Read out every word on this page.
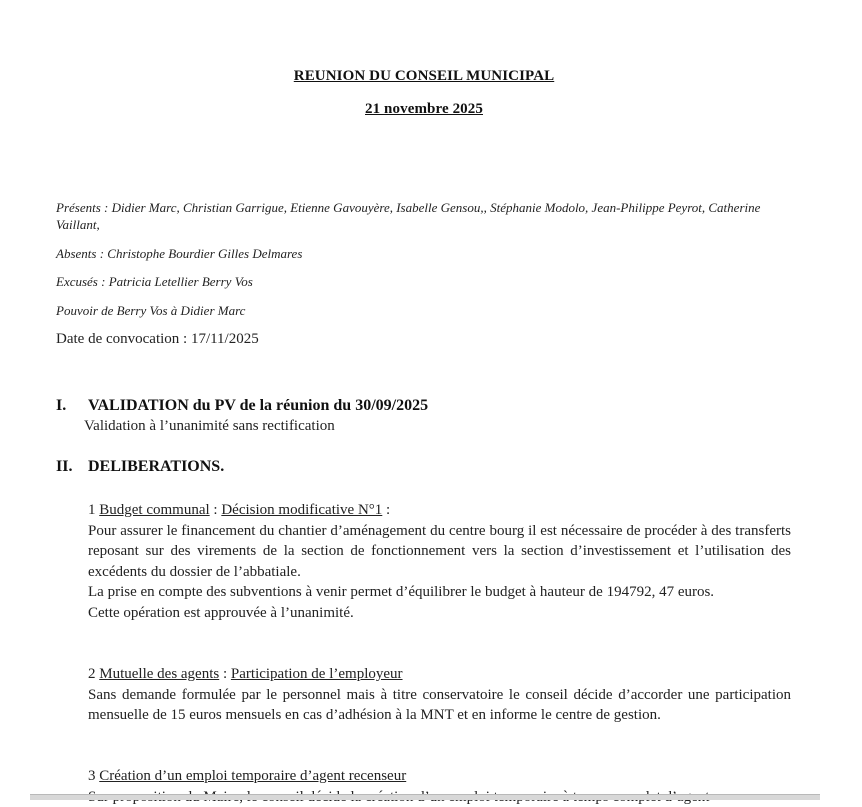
REUNION DU CONSEIL MUNICIPAL
21 novembre 2025
Présents : Didier Marc, Christian Garrigue, Etienne Gavouyère, Isabelle Gensou,, Stéphanie Modolo, Jean-Philippe Peyrot, Catherine Vaillant,
Absents : Christophe Bourdier Gilles Delmares
Excusés : Patricia Letellier Berry Vos
Pouvoir de Berry Vos à Didier Marc
Date de convocation : 17/11/2025
I. VALIDATION du PV de la réunion du 30/09/2025
Validation à l’unanimité sans rectification
II. DELIBERATIONS.

1 Budget communal : Décision modificative N°1 :

Pour assurer le financement du chantier d’aménagement du centre bourg il est nécessaire de procéder à des transferts reposant sur des virements de la section de fonctionnement vers la section d’investissement et l’utilisation des excédents du dossier de l’abbatiale.

La prise en compte des subventions à venir permet d’équilibrer le budget à hauteur de 194792, 47 euros.

Cette opération est approuvée à l’unanimité.

2 Mutuelle des agents : Participation de l’employeur

Sans demande formulée par le personnel mais à titre conservatoire le conseil décide d’accorder une participation mensuelle de 15 euros mensuels en cas d’adhésion à la MNT et en informe le centre de gestion.

3 Création d’un emploi temporaire d’agent recenseur
